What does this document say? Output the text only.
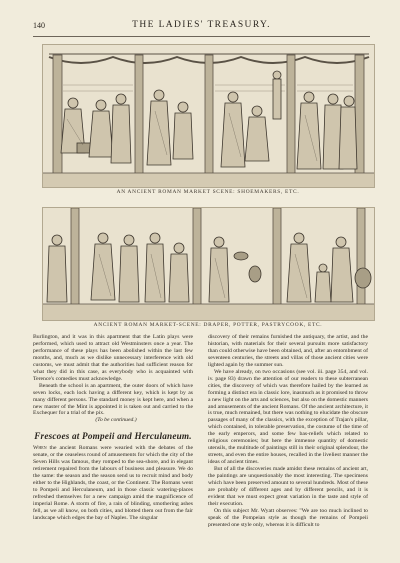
140	THE LADIES' TREASURY.
AN ANCIENT ROMAN MARKET SCENE: SHOEMAKERS, ETC.
ANCIENT ROMAN MARKET-SCENE: DRAPER, POTTER, PASTRYCOOK, ETC.

Burlington, and it was in this apartment that the Latin plays were performed, which used to attract old Westminsters once a year. The performance of these plays has been abolished within the last few months, and, much as we dislike unnecessary interference with old customs, we must admit that the authorities had sufficient reason for what they did in this case, as everybody who is acquainted with Terence's comedies must acknowledge.

Beneath the school is an apartment, the outer doors of which have seven locks, each lock having a different key, which is kept by as many different persons. The standard money is kept here, and when a new master of the Mint is appointed it is taken out and carried to the Exchequer for a trial of the pix.

(To be continued.)

Frescoes at Pompeii and Herculaneum.

When the ancient Romans were wearied with the debates of the senate, or the ceaseless round of amusements for which the city of the Seven Hills was famous, they romped to the sea-shore, and in elegant retirement repaired from the labours of business and pleasure. We do the same: the season and the season send us to recruit mind and body either to the Highlands, the coast, or the Continent. The Romans went to Pompeii and Herculaneum, and in those classic watering-places refreshed themselves for a new campaign amid the magnificence of imperial Rome. A storm of fire, a rain of blinding, smothering ashes fell, as we all know, on both cities, and blotted them out from the fair landscape which edges the bay of Naples. The singular

discovery of their remains furnished the antiquary, the artist, and the historian, with materials for their several pursuits more satisfactory than could otherwise have been obtained, and, after an entombment of seventeen centuries, the streets and villas of those ancient cities were lighted again by the summer sun.

We have already, on two occasions (see vol. iii. page 354, and vol. iv. page 83) drawn the attention of our readers to these subterranean cities, the discovery of which was therefore hailed by the learned as forming a distinct era in classic lore, inasmuch as it promised to throw a new light on the arts and sciences, but also on the domestic manners and amusements of the ancient Romans. Of the ancient architecture, it is true, much remained, but there was nothing to elucidate the obscure passages of many of the classics, with the exception of Trajan's pillar, which contained, in tolerable preservation, the costume of the time of the early emperors, and some few bas-reliefs which related to religious ceremonies; but here the immense quantity of domestic utensils, the multitude of paintings still in their original splendour, the streets, and even the entire houses, recalled in the liveliest manner the ideas of ancient times.

But of all the discoveries made amidst these remains of ancient art, the paintings are unquestionably the most interesting. The specimens which have been preserved amount to several hundreds. Most of these are probably of different ages and by different pencils, and it is evident that we must expect great variation in the taste and style of their execution.

On this subject Mr. Wyatt observes: "We are too much inclined to speak of the Pompeian style as though the remains of Pompeii presented one style only, whereas it is difficult to
